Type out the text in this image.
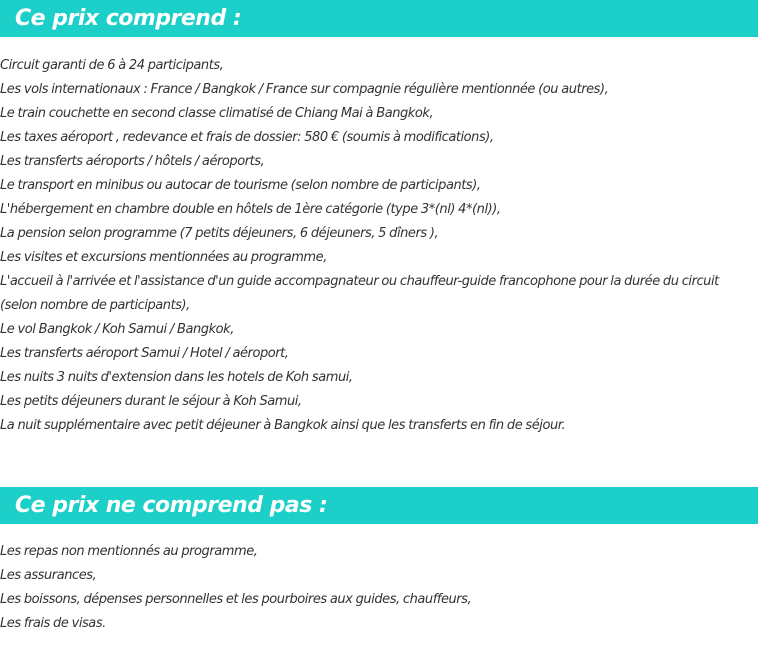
Ce prix comprend :
Circuit garanti de 6 à 24 participants,
Les vols internationaux : France / Bangkok / France sur compagnie régulière mentionnée (ou autres),
Le train couchette en second classe climatisé de Chiang Mai à Bangkok,
Les taxes aéroport , redevance et frais de dossier: 580 € (soumis à modifications),
Les transferts aéroports / hôtels / aéroports,
Le transport en minibus ou autocar de tourisme (selon nombre de participants),
L'hébergement en chambre double en hôtels de 1ère catégorie (type 3*(nl) 4*(nl)),
La pension selon programme (7 petits déjeuners, 6 déjeuners, 5 dîners ),
Les visites et excursions mentionnées au programme,
L'accueil à l'arrivée et l'assistance d'un guide accompagnateur ou chauffeur-guide francophone pour la durée du circuit (selon nombre de participants),
Le vol Bangkok / Koh Samui / Bangkok,
Les transferts aéroport Samui / Hotel / aéroport,
Les nuits 3 nuits d'extension dans les hotels de Koh samui,
Les petits déjeuners durant le séjour à Koh Samui,
La nuit supplémentaire avec petit déjeuner à Bangkok ainsi que les transferts en fin de séjour.
Ce prix ne comprend pas :
Les repas non mentionnés au programme,
Les assurances,
Les boissons, dépenses personnelles et les pourboires aux guides, chauffeurs,
Les frais de visas.
